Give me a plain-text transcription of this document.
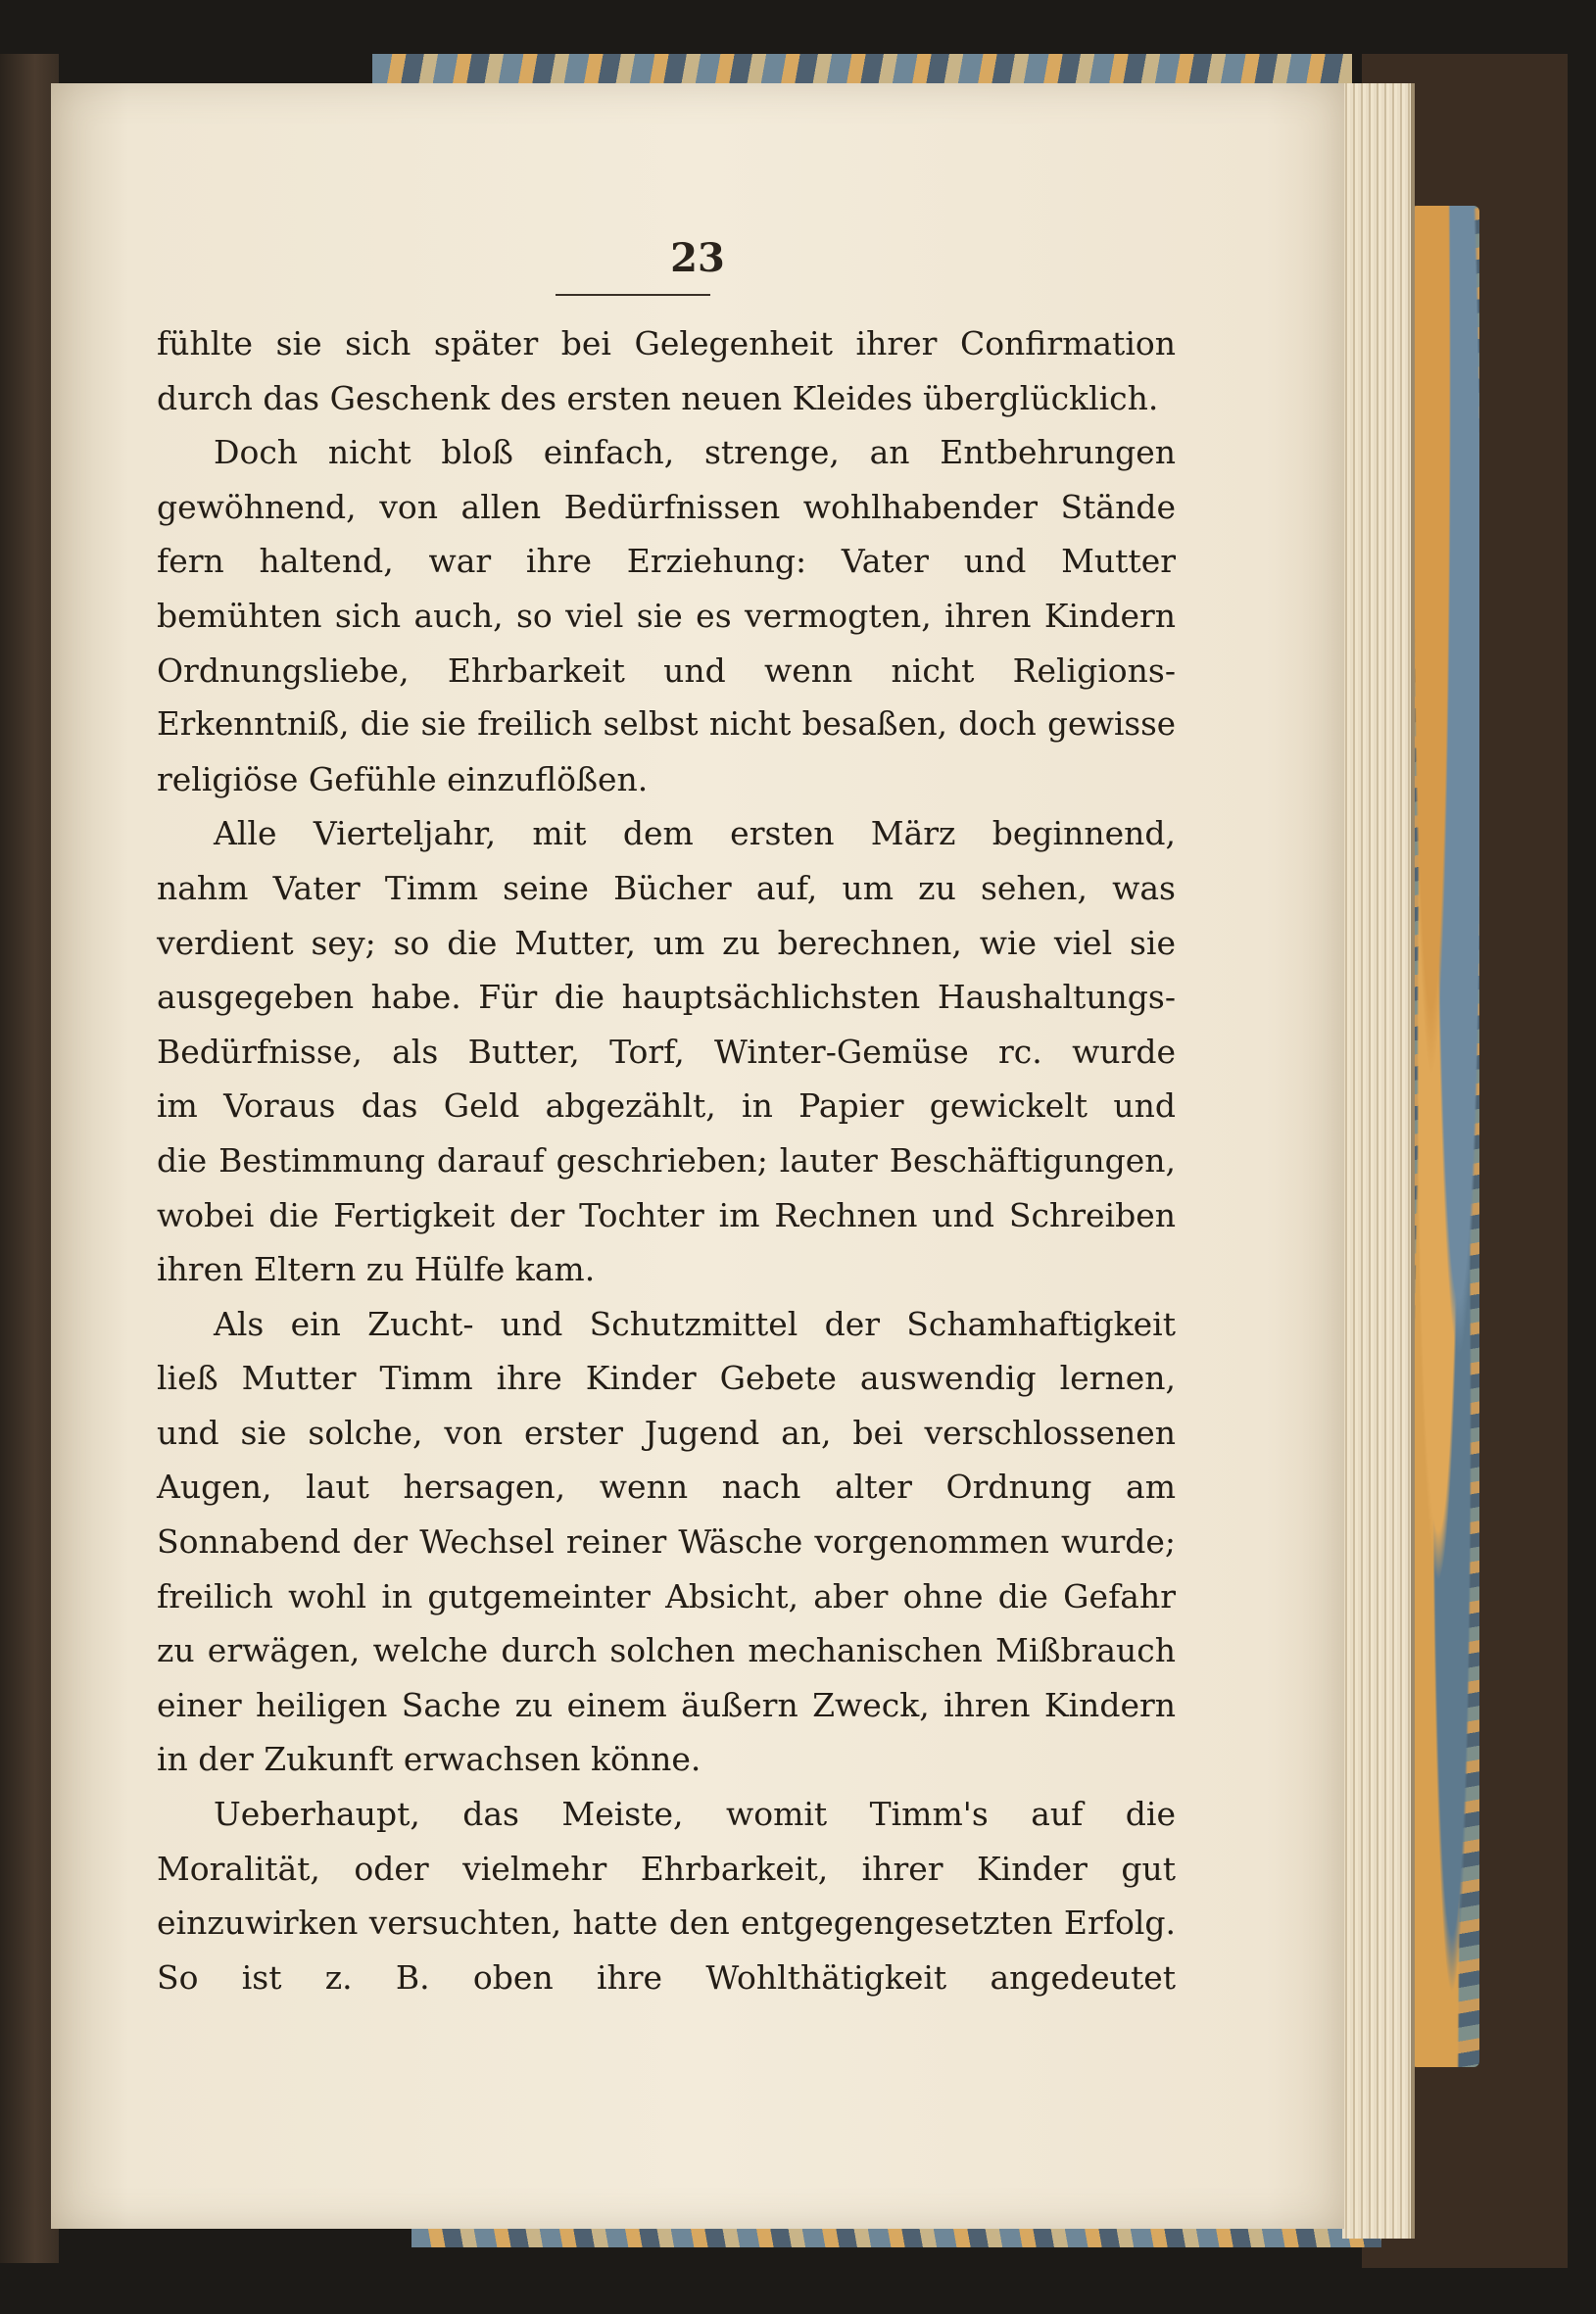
23
fühlte sie sich später bei Gelegenheit ihrer Confirmation
durch das Geschenk des ersten neuen Kleides überglücklich.
Doch nicht bloß einfach, strenge, an Entbehrungen
gewöhnend, von allen Bedürfnissen wohlhabender Stände
fern haltend, war ihre Erziehung: Vater und Mutter
bemühten sich auch, so viel sie es vermogten, ihren Kindern
Ordnungsliebe, Ehrbarkeit und wenn nicht Religions-
Erkenntniß, die sie freilich selbst nicht besaßen, doch gewisse
religiöse Gefühle einzuflößen.
Alle Vierteljahr, mit dem ersten März beginnend,
nahm Vater Timm seine Bücher auf, um zu sehen, was
verdient sey; so die Mutter, um zu berechnen, wie viel sie
ausgegeben habe. Für die hauptsächlichsten Haushaltungs-
Bedürfnisse, als Butter, Torf, Winter-Gemüse rc. wurde
im Voraus das Geld abgezählt, in Papier gewickelt und
die Bestimmung darauf geschrieben; lauter Beschäftigungen,
wobei die Fertigkeit der Tochter im Rechnen und Schreiben
ihren Eltern zu Hülfe kam.
Als ein Zucht- und Schutzmittel der Schamhaftigkeit
ließ Mutter Timm ihre Kinder Gebete auswendig lernen,
und sie solche, von erster Jugend an, bei verschlossenen
Augen, laut hersagen, wenn nach alter Ordnung am
Sonnabend der Wechsel reiner Wäsche vorgenommen wurde;
freilich wohl in gutgemeinter Absicht, aber ohne die Gefahr
zu erwägen, welche durch solchen mechanischen Mißbrauch
einer heiligen Sache zu einem äußern Zweck, ihren Kindern
in der Zukunft erwachsen könne.
Ueberhaupt, das Meiste, womit Timm's auf die
Moralität, oder vielmehr Ehrbarkeit, ihrer Kinder gut
einzuwirken versuchten, hatte den entgegengesetzten Erfolg.
So ist z. B. oben ihre Wohlthätigkeit angedeutet
